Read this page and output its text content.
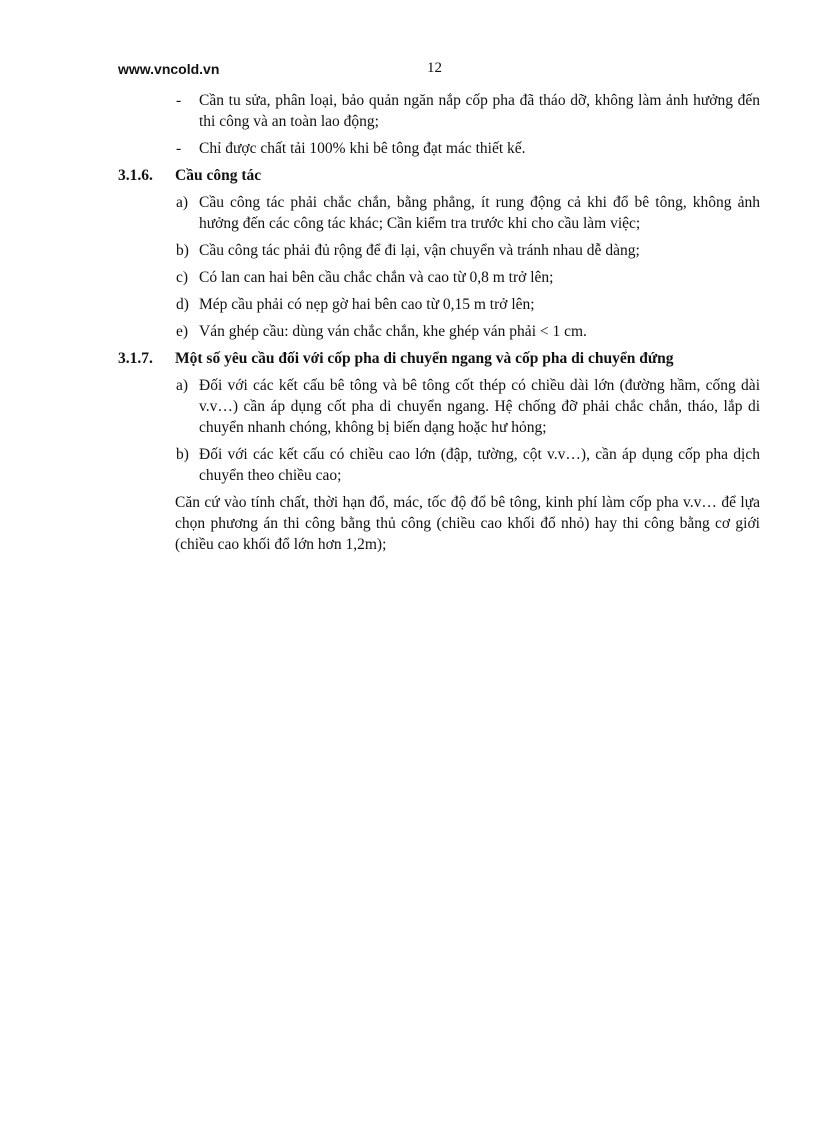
www.vncold.vn	12
- Cần tu sửa, phân loại, bảo quản ngăn nắp cốp pha đã tháo dỡ, không làm ảnh hưởng đến thi công và an toàn lao động;
- Chỉ được chất tải 100% khi bê tông đạt mác thiết kế.
3.1.6. Cầu công tác
a) Cầu công tác phải chắc chắn, bằng phẳng, ít rung động cả khi đổ bê tông, không ảnh hưởng đến các công tác khác; Cần kiểm tra trước khi cho cầu làm việc;
b) Cầu công tác phải đủ rộng để đi lại, vận chuyển và tránh nhau dễ dàng;
c) Có lan can hai bên cầu chắc chắn và cao từ 0,8 m trở lên;
d) Mép cầu phải có nẹp gờ hai bên cao từ 0,15 m trở lên;
e) Ván ghép cầu: dùng ván chắc chắn, khe ghép ván phải < 1 cm.
3.1.7. Một số yêu cầu đối với cốp pha di chuyển ngang và cốp pha di chuyển đứng
a) Đối với các kết cấu bê tông và bê tông cốt thép có chiều dài lớn (đường hầm, cống dài v.v…) cần áp dụng cốt pha di chuyển ngang. Hệ chống đỡ phải chắc chắn, tháo, lắp di chuyển nhanh chóng, không bị biến dạng hoặc hư hỏng;
b) Đối với các kết cấu có chiều cao lớn (đập, tường, cột v.v…), cần áp dụng cốp pha dịch chuyển theo chiều cao;
Căn cứ vào tính chất, thời hạn đổ, mác, tốc độ đổ bê tông, kinh phí làm cốp pha v.v… để lựa chọn phương án thi công bằng thủ công (chiều cao khối đổ nhỏ) hay thi công bằng cơ giới (chiều cao khối đổ lớn hơn 1,2m);
